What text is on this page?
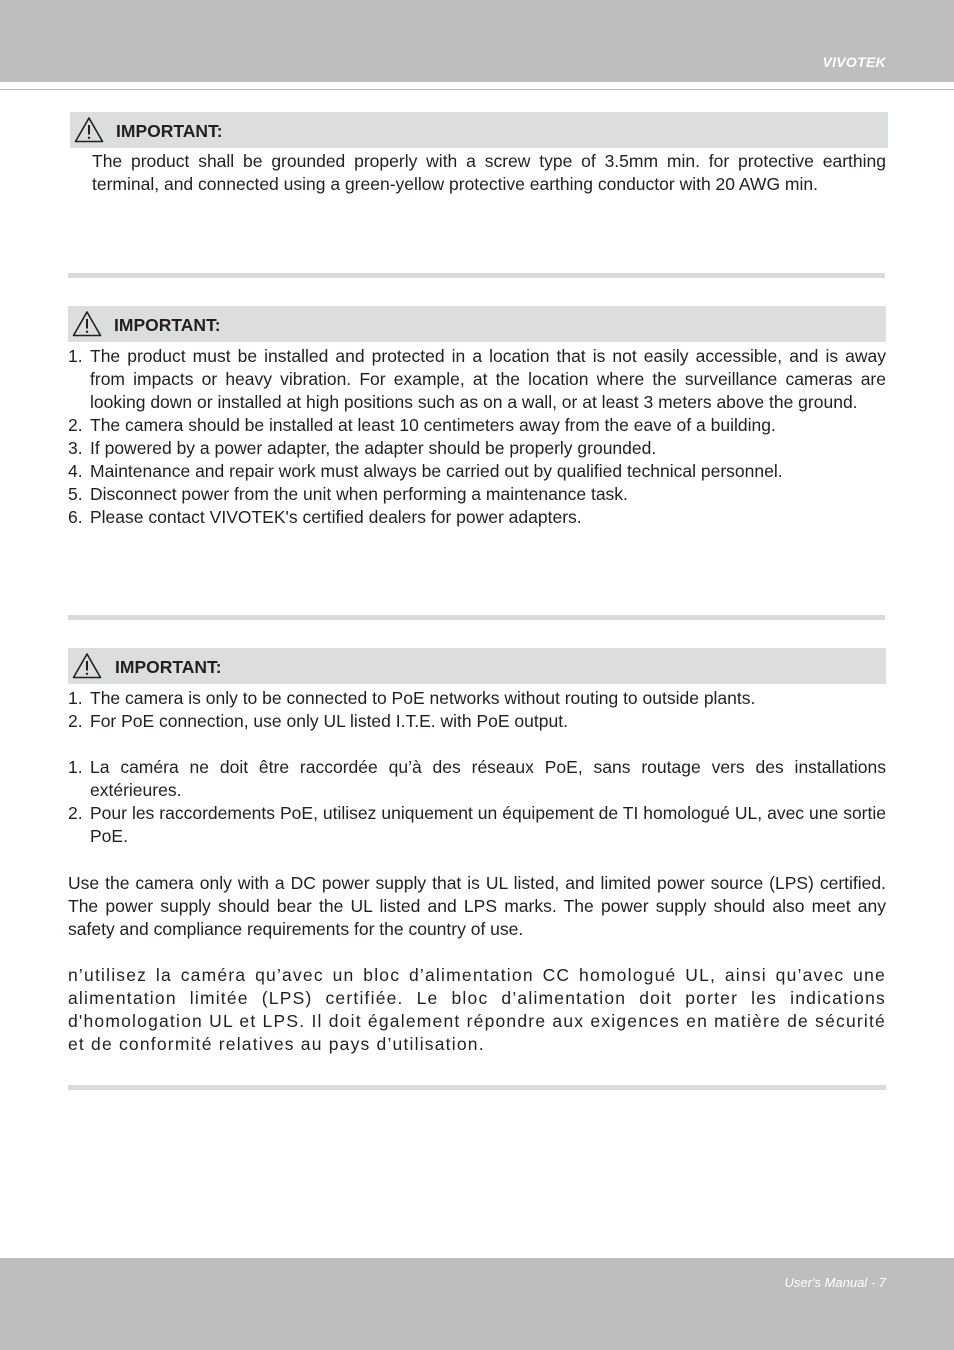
VIVOTEK
IMPORTANT:
The product shall be grounded properly with a screw type of 3.5mm min. for protective earthing terminal, and connected using a green-yellow protective earthing conductor with 20 AWG min.
IMPORTANT:
1. The product must be installed and protected in a location that is not easily accessible, and is away from impacts or heavy vibration. For example, at the location where the surveillance cameras are looking down or installed at high positions such as on a wall, or at least 3 meters above the ground.
2. The camera should be installed at least 10 centimeters away from the eave of a building.
3. If powered by a power adapter, the adapter should be properly grounded.
4. Maintenance and repair work must always be carried out by qualified technical personnel.
5. Disconnect power from the unit when performing a maintenance task.
6. Please contact VIVOTEK's certified dealers for power adapters.
IMPORTANT:
1. The camera is only to be connected to PoE networks without routing to outside plants.
2. For PoE connection, use only UL listed I.T.E. with PoE output.
1. La caméra ne doit être raccordée qu’à des réseaux PoE, sans routage vers des installations extérieures.
2. Pour les raccordements PoE, utilisez uniquement un équipement de TI homologué UL, avec une sortie PoE.
Use the camera only with a DC power supply that is UL listed, and limited power source (LPS) certified. The power supply should bear the UL listed and LPS marks. The power supply should also meet any safety and compliance requirements for the country of use.
n’utilisez la caméra qu’avec un bloc d’alimentation CC homologué UL, ainsi qu’avec une alimentation limitée (LPS) certifiée. Le bloc d’alimentation doit porter les indications d'homologation UL et LPS. Il doit également répondre aux exigences en matière de sécurité et de conformité relatives au pays d’utilisation.
User's Manual - 7
